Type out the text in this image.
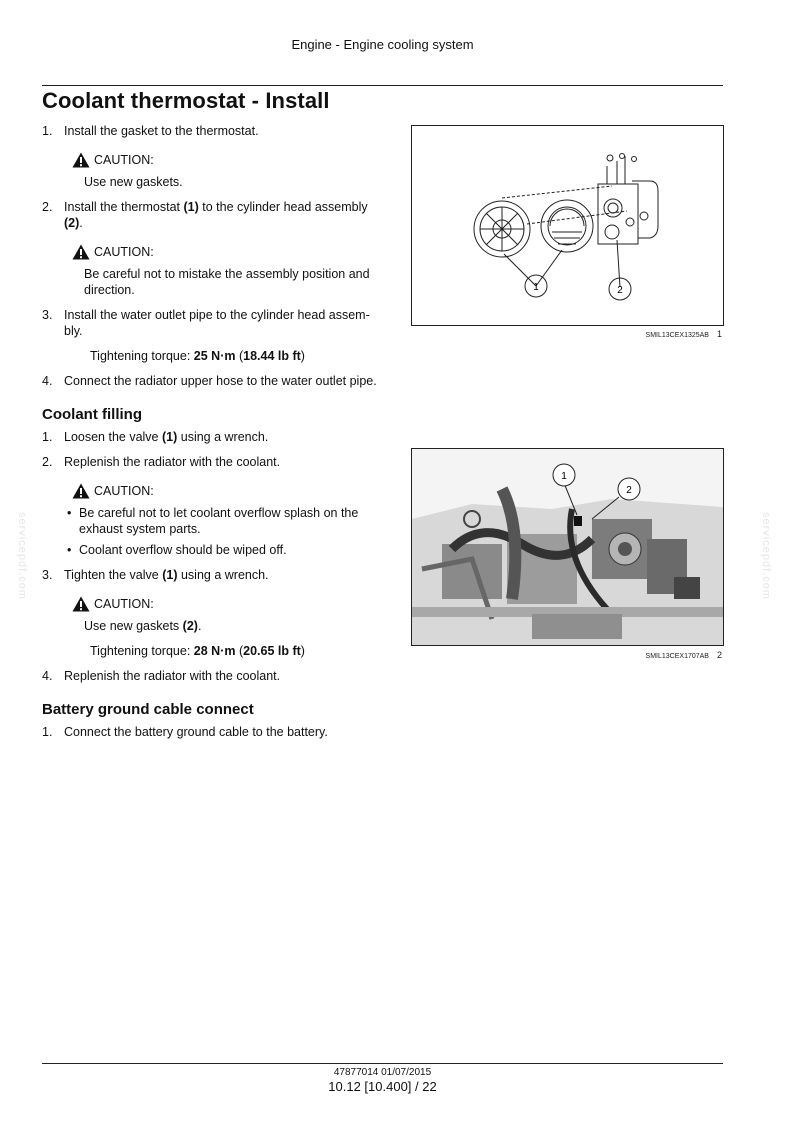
Engine - Engine cooling system
Coolant thermostat - Install
1. Install the gasket to the thermostat.
CAUTION:
Use new gaskets.
2. Install the thermostat (1) to the cylinder head assembly (2).
CAUTION:
Be careful not to mistake the assembly position and direction.
3. Install the water outlet pipe to the cylinder head assem-bly.
Tightening torque: 25 N·m (18.44 lb ft)
4. Connect the radiator upper hose to the water outlet pipe.
Coolant filling
1. Loosen the valve (1) using a wrench.
2. Replenish the radiator with the coolant.
CAUTION:
• Be careful not to let coolant overflow splash on the exhaust system parts.
• Coolant overflow should be wiped off.
3. Tighten the valve (1) using a wrench.
CAUTION:
Use new gaskets (2).
Tightening torque: 28 N·m (20.65 lb ft)
4. Replenish the radiator with the coolant.
Battery ground cable connect
1. Connect the battery ground cable to the battery.
1	2
SMIL13CEX1325AB 1
1
2
SMIL13CEX1707AB 2
servicepdf.com	servicepdf.com
47877014 01/07/2015
10.12 [10.400] / 22
